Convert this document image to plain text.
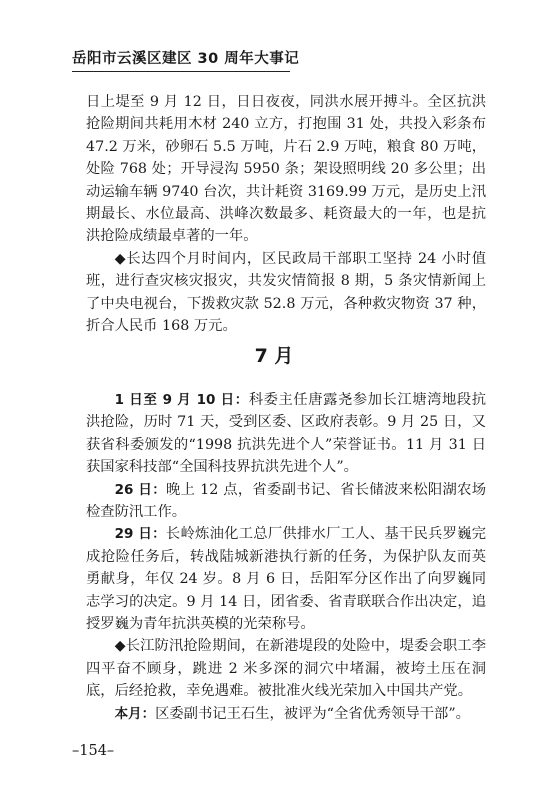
岳阳市云溪区建区 30 周年大事记

日上堤至 9 月 12 日，日日夜夜，同洪水展开搏斗。全区抗洪抢险期间共耗用木材 240 立方，打抱围 31 处，共投入彩条布 47.2 万米，砂卵石 5.5 万吨，片石 2.9 万吨，粮食 80 万吨，处险 768 处；开导浸沟 5950 条；架设照明线 20 多公里；出动运输车辆 9740 台次，共计耗资 3169.99 万元，是历史上汛期最长、水位最高、洪峰次数最多、耗资最大的一年，也是抗洪抢险成绩最卓著的一年。

◆长达四个月时间内，区民政局干部职工坚持 24 小时值班，进行查灾核灾报灾，共发灾情简报 8 期，5 条灾情新闻上了中央电视台，下拨救灾款 52.8 万元，各种救灾物资 37 种，折合人民币 168 万元。

7 月

1 日至 9 月 10 日：科委主任唐露尧参加长江塘湾地段抗洪抢险，历时 71 天，受到区委、区政府表彰。9 月 25 日，又获省科委颁发的“1998 抗洪先进个人”荣誉证书。11 月 31 日获国家科技部“全国科技界抗洪先进个人”。

26 日：晚上 12 点，省委副书记、省长储波来松阳湖农场检查防汛工作。

29 日：长岭炼油化工总厂供排水厂工人、基干民兵罗巍完成抢险任务后，转战陆城新港执行新的任务，为保护队友而英勇献身，年仅 24 岁。8 月 6 日，岳阳军分区作出了向罗巍同志学习的决定。9 月 14 日，团省委、省青联联合作出决定，追授罗巍为青年抗洪英模的光荣称号。

◆长江防汛抢险期间，在新港堤段的处险中，堤委会职工李四平奋不顾身，跳进 2 米多深的洞穴中堵漏，被垮土压在洞底，后经抢救，幸免遇难。被批准火线光荣加入中国共产党。

本月：区委副书记王石生，被评为“全省优秀领导干部”。

–154–
